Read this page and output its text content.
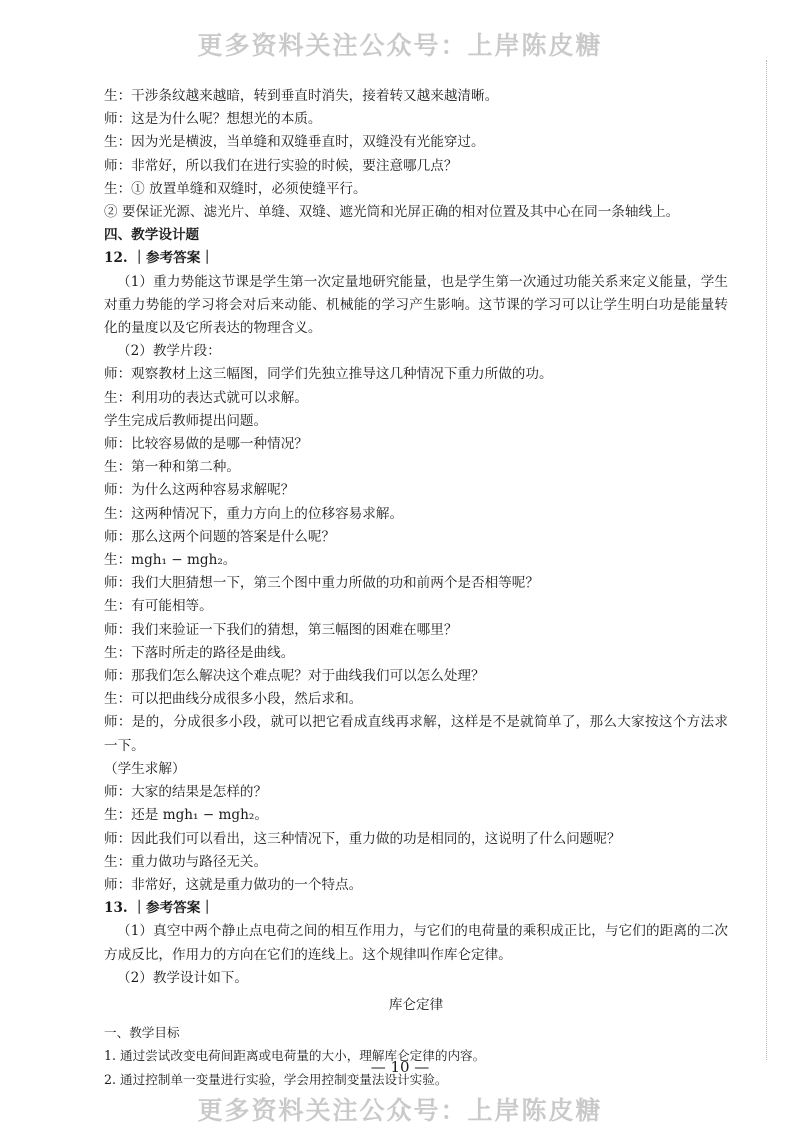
更多资料关注公众号：上岸陈皮糖

生：干涉条纹越来越暗，转到垂直时消失，接着转又越来越清晰。

师：这是为什么呢？想想光的本质。

生：因为光是横波，当单缝和双缝垂直时，双缝没有光能穿过。

师：非常好，所以我们在进行实验的时候，要注意哪几点？

生：① 放置单缝和双缝时，必须使缝平行。

② 要保证光源、滤光片、单缝、双缝、遮光筒和光屏正确的相对位置及其中心在同一条轴线上。

四、教学设计题

12. ｜参考答案｜

（1）重力势能这节课是学生第一次定量地研究能量，也是学生第一次通过功能关系来定义能量，学生对重力势能的学习将会对后来动能、机械能的学习产生影响。这节课的学习可以让学生明白功是能量转化的量度以及它所表达的物理含义。

（2）教学片段：

师：观察教材上这三幅图，同学们先独立推导这几种情况下重力所做的功。

生：利用功的表达式就可以求解。

学生完成后教师提出问题。

师：比较容易做的是哪一种情况？

生：第一种和第二种。

师：为什么这两种容易求解呢？

生：这两种情况下，重力方向上的位移容易求解。

师：那么这两个问题的答案是什么呢？

生：mgh₁ − mgh₂。

师：我们大胆猜想一下，第三个图中重力所做的功和前两个是否相等呢？

生：有可能相等。

师：我们来验证一下我们的猜想，第三幅图的困难在哪里？

生：下落时所走的路径是曲线。

师：那我们怎么解决这个难点呢？对于曲线我们可以怎么处理？

生：可以把曲线分成很多小段，然后求和。

师：是的，分成很多小段，就可以把它看成直线再求解，这样是不是就简单了，那么大家按这个方法求一下。

（学生求解）

师：大家的结果是怎样的？

生：还是 mgh₁ − mgh₂。

师：因此我们可以看出，这三种情况下，重力做的功是相同的，这说明了什么问题呢？

生：重力做功与路径无关。

师：非常好，这就是重力做功的一个特点。

13. ｜参考答案｜

（1）真空中两个静止点电荷之间的相互作用力，与它们的电荷量的乘积成正比，与它们的距离的二次方成反比，作用力的方向在它们的连线上。这个规律叫作库仑定律。

（2）教学设计如下。

库仑定律

一、教学目标

1. 通过尝试改变电荷间距离或电荷量的大小，理解库仑定律的内容。

2. 通过控制单一变量进行实验，学会用控制变量法设计实验。

— 10 —
更多资料关注公众号：上岸陈皮糖
